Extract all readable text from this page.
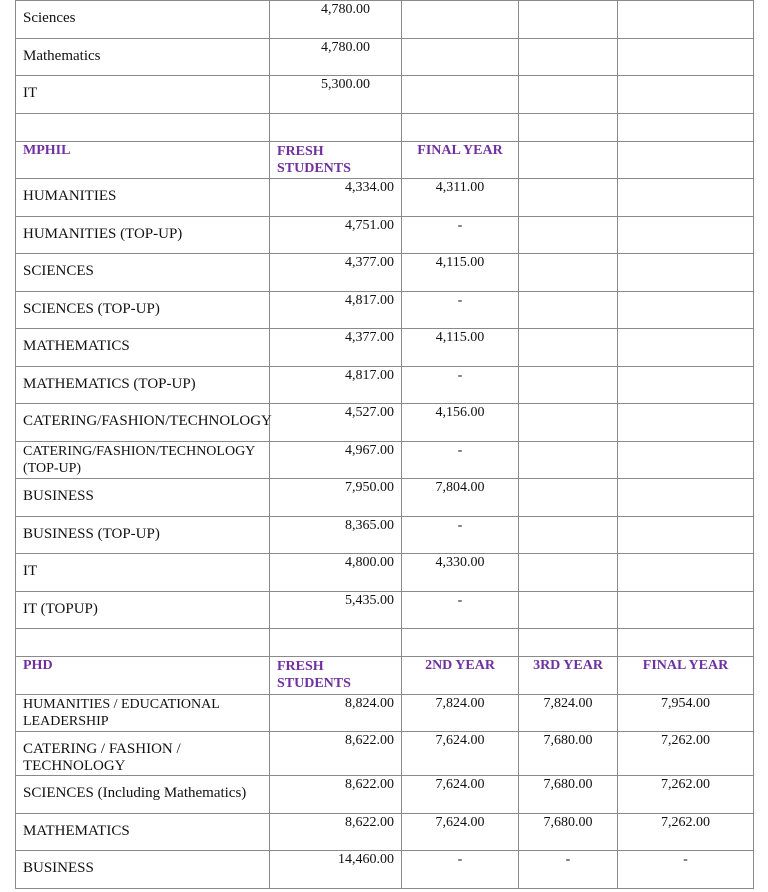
Sciences	4,780.00			
Mathematics	4,780.00			
IT	5,300.00			

MPHIL	FRESH STUDENTS	FINAL YEAR		
HUMANITIES	4,334.00	4,311.00		
HUMANITIES (TOP-UP)	4,751.00	-		
SCIENCES	4,377.00	4,115.00		
SCIENCES (TOP-UP)	4,817.00	-		
MATHEMATICS	4,377.00	4,115.00		
MATHEMATICS (TOP-UP)	4,817.00	-		
CATERING/FASHION/TECHNOLOGY	4,527.00	4,156.00		
CATERING/FASHION/TECHNOLOGY (TOP-UP)	4,967.00	-		
BUSINESS	7,950.00	7,804.00		
BUSINESS (TOP-UP)	8,365.00	-		
IT	4,800.00	4,330.00		
IT (TOPUP)	5,435.00	-		

PHD	FRESH STUDENTS	2ND YEAR	3RD YEAR	FINAL YEAR
HUMANITIES / EDUCATIONAL LEADERSHIP	8,824.00	7,824.00	7,824.00	7,954.00
CATERING / FASHION / TECHNOLOGY	8,622.00	7,624.00	7,680.00	7,262.00
SCIENCES (Including Mathematics)	8,622.00	7,624.00	7,680.00	7,262.00
MATHEMATICS	8,622.00	7,624.00	7,680.00	7,262.00
BUSINESS	14,460.00	-	-	-
